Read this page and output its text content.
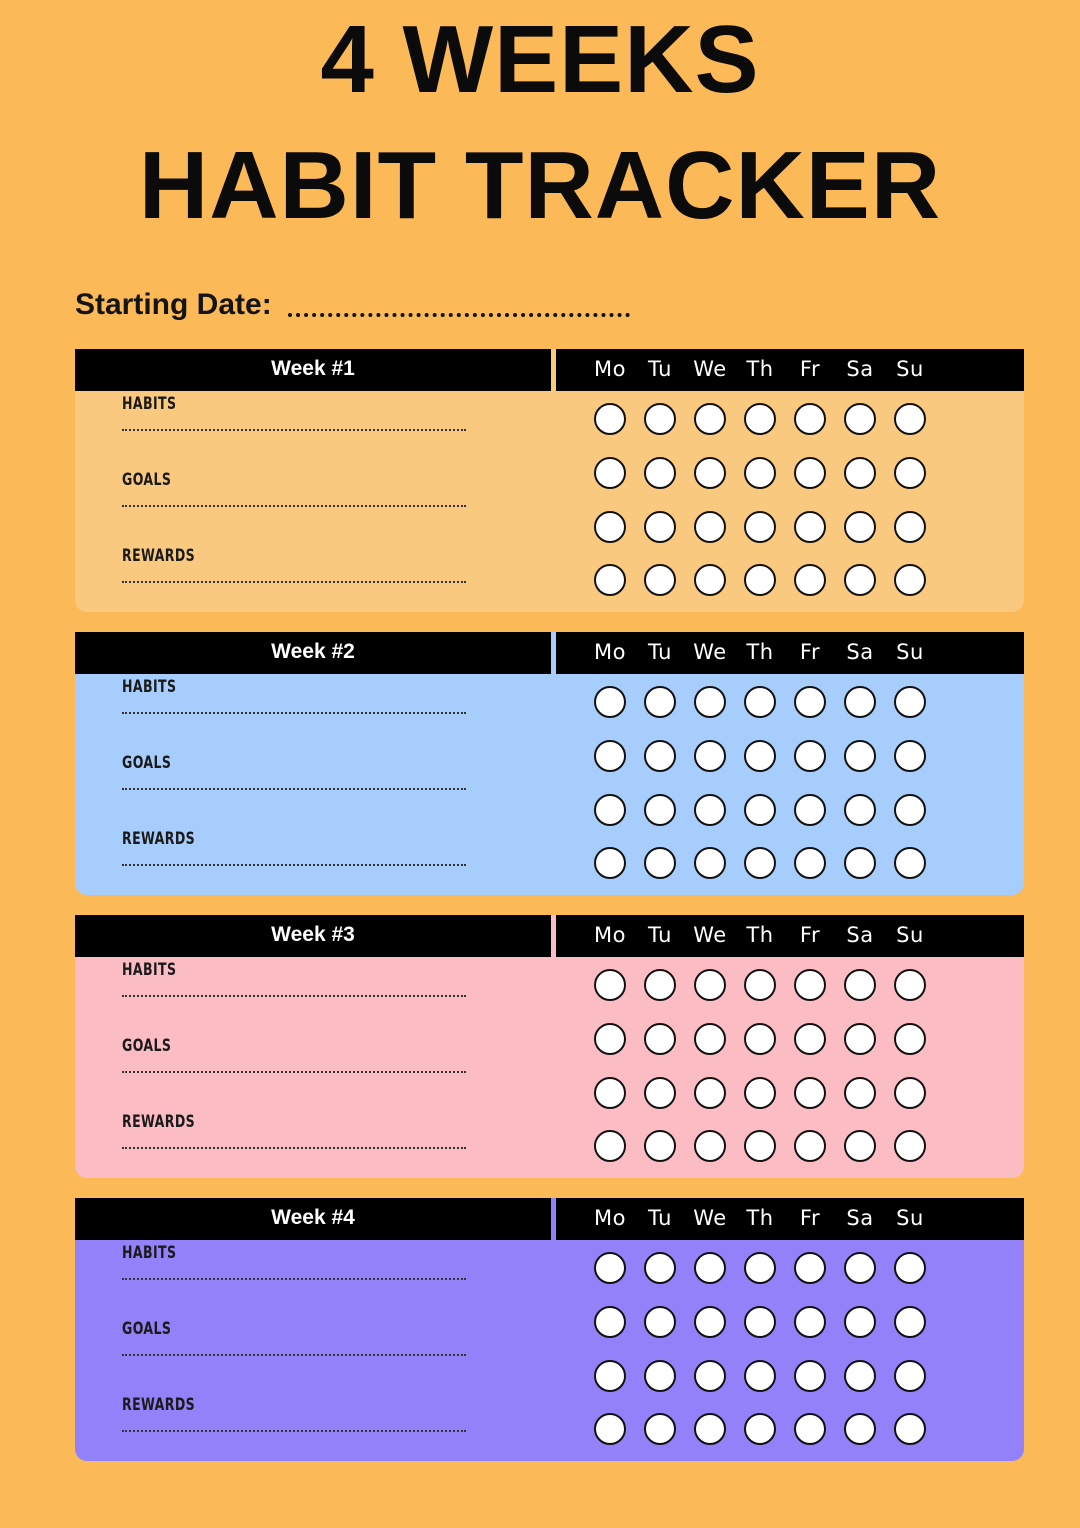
4 WEEKS
HABIT TRACKER
Starting Date:
Week #1	Mo	Tu	We Th	Fr	Sa	Su
HABITS
GOALS
REWARDS
Week #2	Mo	Tu	We Th	Fr	Sa	Su
HABITS
GOALS
REWARDS
Week #3	Mo	Tu	We Th	Fr	Sa	Su
HABITS
GOALS
REWARDS
Week #4	Mo	Tu	We Th	Fr	Sa	Su
HABITS
GOALS
REWARDS
